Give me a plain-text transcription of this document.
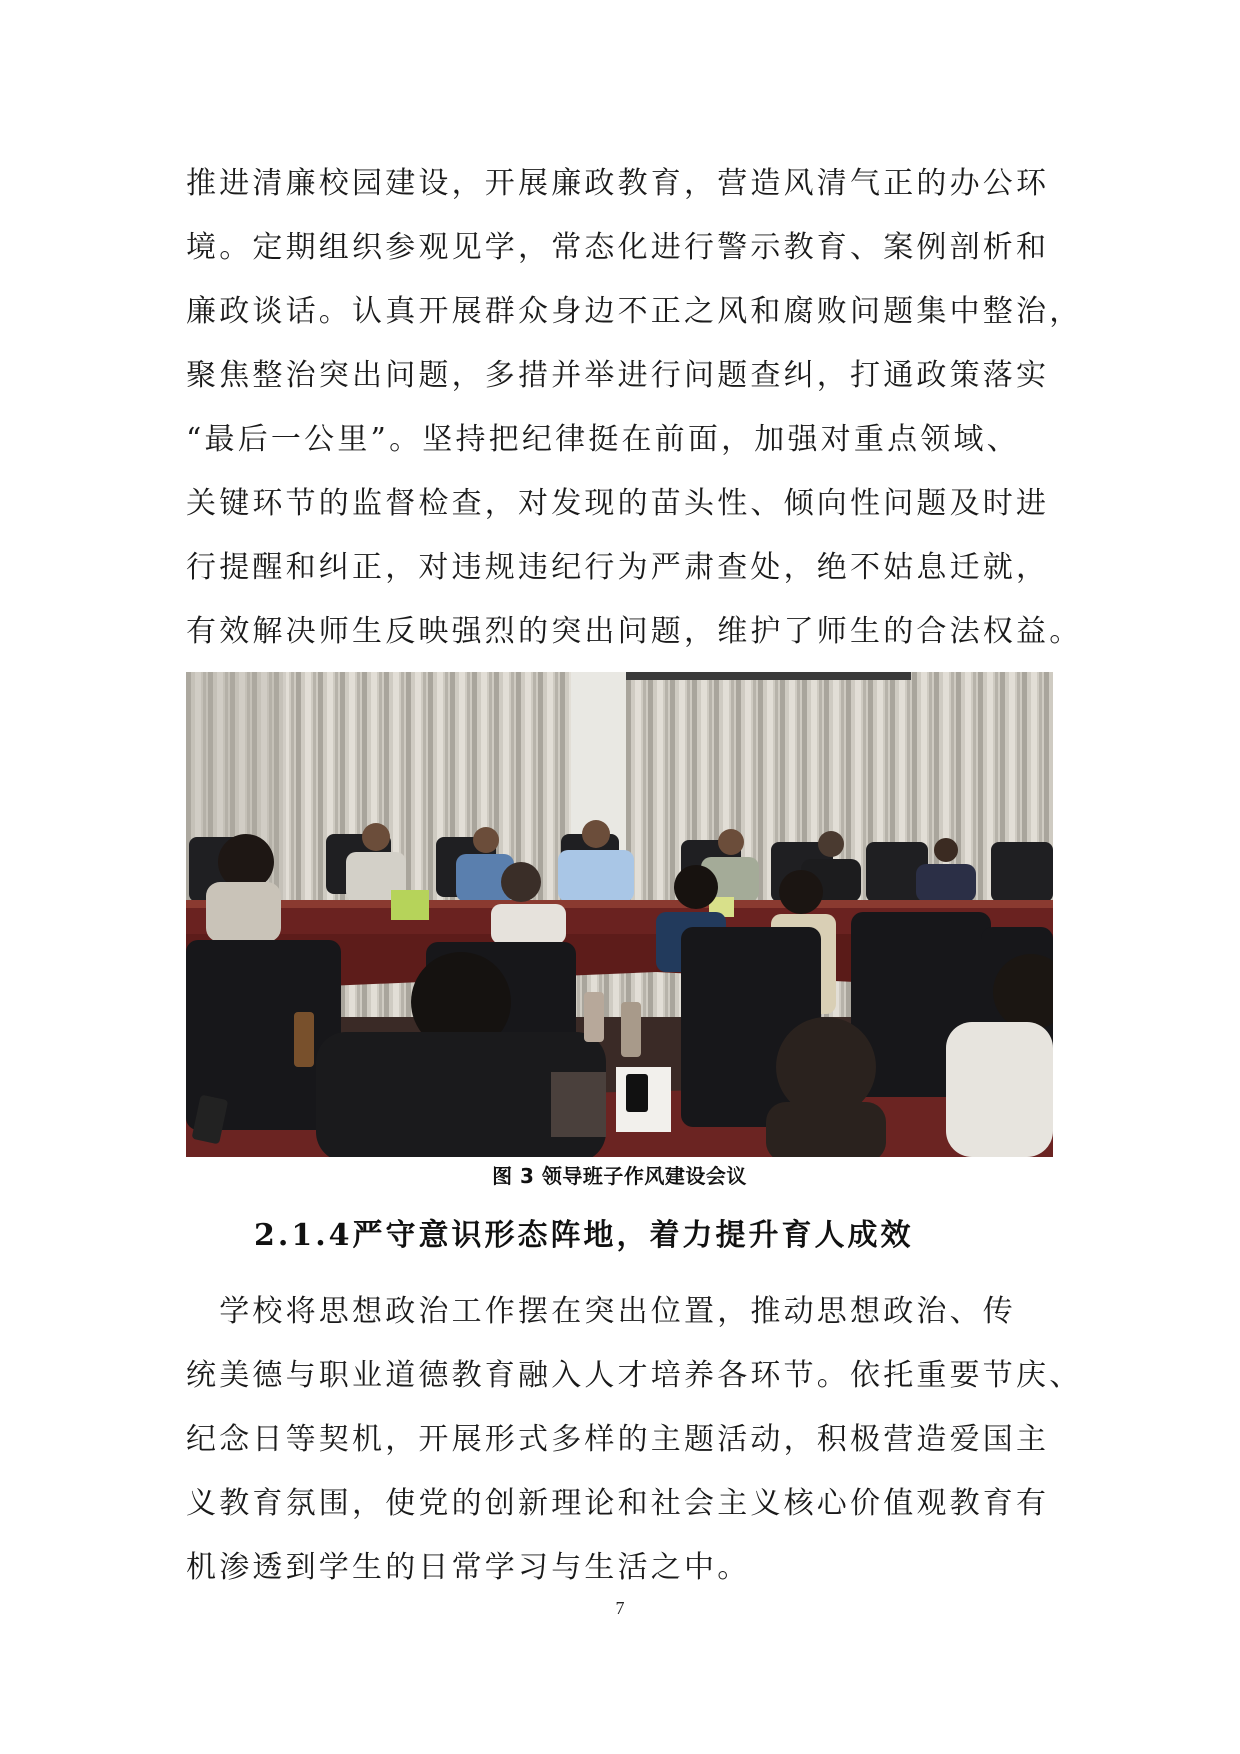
推进清廉校园建设，开展廉政教育，营造风清气正的办公环
境。定期组织参观见学，常态化进行警示教育、案例剖析和
廉政谈话。认真开展群众身边不正之风和腐败问题集中整治，
聚焦整治突出问题，多措并举进行问题查纠，打通政策落实
“最后一公里”。坚持把纪律挺在前面，加强对重点领域、
关键环节的监督检查，对发现的苗头性、倾向性问题及时进
行提醒和纠正，对违规违纪行为严肃查处，绝不姑息迁就，
有效解决师生反映强烈的突出问题，维护了师生的合法权益。
图 3 领导班子作风建设会议
2.1.4严守意识形态阵地，着力提升育人成效
　学校将思想政治工作摆在突出位置，推动思想政治、传
统美德与职业道德教育融入人才培养各环节。依托重要节庆、
纪念日等契机，开展形式多样的主题活动，积极营造爱国主
义教育氛围，使党的创新理论和社会主义核心价值观教育有
机渗透到学生的日常学习与生活之中。
7
